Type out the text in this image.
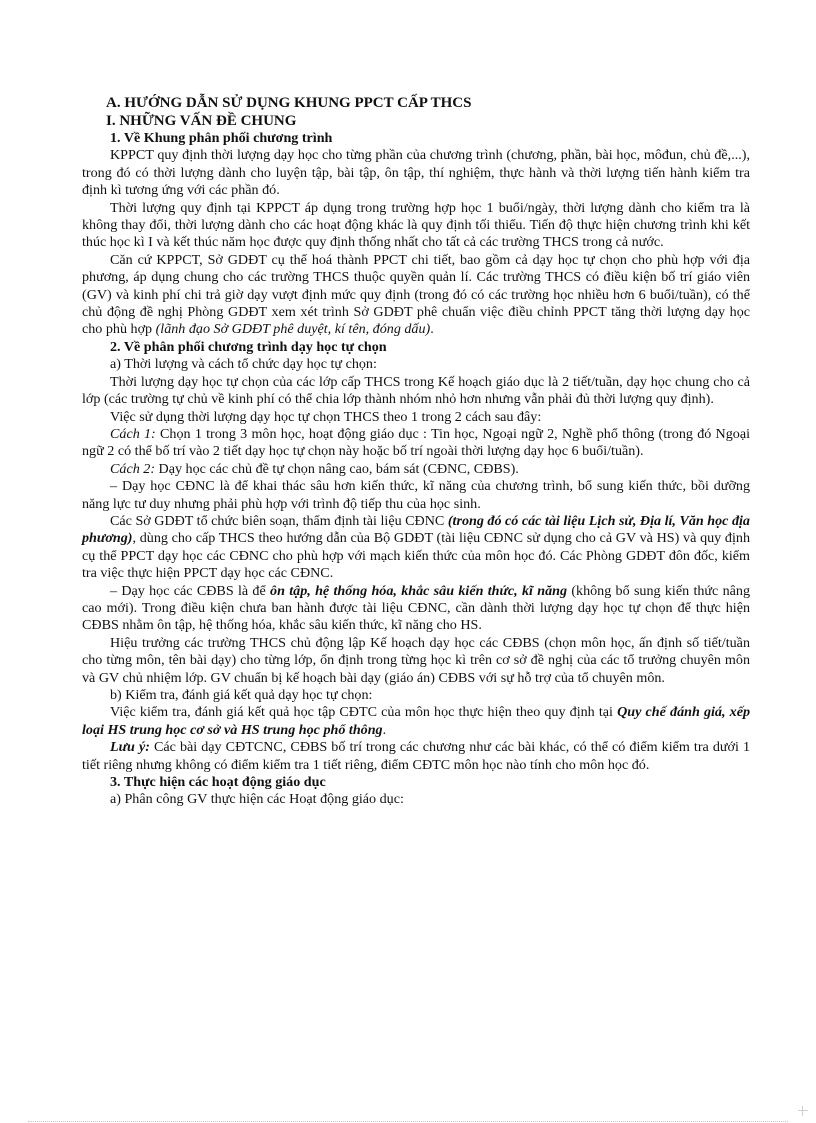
A. HƯỚNG DẪN SỬ DỤNG KHUNG PPCT CẤP THCS

I. NHỮNG VẤN ĐỀ CHUNG

1. Về Khung phân phối chương trình

KPPCT quy định thời lượng dạy học cho từng phần của chương trình (chương, phần, bài học, môđun, chủ đề,...), trong đó có thời lượng dành cho luyện tập, bài tập, ôn tập, thí nghiệm, thực hành và thời lượng tiến hành kiểm tra định kì tương ứng với các phần đó.

Thời lượng quy định tại KPPCT áp dụng trong trường hợp học 1 buổi/ngày, thời lượng dành cho kiểm tra là không thay đổi, thời lượng dành cho các hoạt động khác là quy định tối thiểu. Tiến độ thực hiện chương trình khi kết thúc học kì I và kết thúc năm học được quy định thống nhất cho tất cả các trường THCS trong cả nước.

Căn cứ KPPCT, Sở GDĐT cụ thể hoá thành PPCT chi tiết, bao gồm cả dạy học tự chọn cho phù hợp với địa phương, áp dụng chung cho các trường THCS thuộc quyền quản lí. Các trường THCS có điều kiện bố trí giáo viên (GV) và kinh phí chi trả giờ dạy vượt định mức quy định (trong đó có các trường học nhiều hơn 6 buổi/tuần), có thể chủ động đề nghị Phòng GDĐT xem xét trình Sở GDĐT phê chuẩn việc điều chỉnh PPCT tăng thời lượng dạy học cho phù hợp (lãnh đạo Sở GDĐT phê duyệt, kí tên, đóng dấu).

2. Về phân phối chương trình dạy học tự chọn

a) Thời lượng và cách tổ chức dạy học tự chọn:

Thời lượng dạy học tự chọn của các lớp cấp THCS trong Kế hoạch giáo dục là 2 tiết/tuần, dạy học chung cho cả lớp (các trường tự chủ về kinh phí có thể chia lớp thành nhóm nhỏ hơn nhưng vẫn phải đủ thời lượng quy định).

Việc sử dụng thời lượng dạy học tự chọn THCS theo 1 trong 2 cách sau đây:

Cách 1: Chọn 1 trong 3 môn học, hoạt động giáo dục : Tin học, Ngoại ngữ 2, Nghề phổ thông (trong đó Ngoại ngữ 2 có thể bố trí vào 2 tiết dạy học tự chọn này hoặc bố trí ngoài thời lượng dạy học 6 buổi/tuần).

Cách 2: Dạy học các chủ đề tự chọn nâng cao, bám sát (CĐNC, CĐBS).

– Dạy học CĐNC là để khai thác sâu hơn kiến thức, kĩ năng của chương trình, bổ sung kiến thức, bồi dưỡng năng lực tư duy nhưng phải phù hợp với trình độ tiếp thu của học sinh.

Các Sở GDĐT tổ chức biên soạn, thẩm định tài liệu CĐNC (trong đó có các tài liệu Lịch sử, Địa lí, Văn học địa phương), dùng cho cấp THCS theo hướng dẫn của Bộ GDĐT (tài liệu CĐNC sử dụng cho cả GV và HS) và quy định cụ thể PPCT dạy học các CĐNC cho phù hợp với mạch kiến thức của môn học đó. Các Phòng GDĐT đôn đốc, kiểm tra việc thực hiện PPCT dạy học các CĐNC.

– Dạy học các CĐBS là để ôn tập, hệ thống hóa, khắc sâu kiến thức, kĩ năng (không bổ sung kiến thức nâng cao mới). Trong điều kiện chưa ban hành được tài liệu CĐNC, cần dành thời lượng dạy học tự chọn để thực hiện CĐBS nhằm ôn tập, hệ thống hóa, khắc sâu kiến thức, kĩ năng cho HS.

Hiệu trưởng các trường THCS chủ động lập Kế hoạch dạy học các CĐBS (chọn môn học, ấn định số tiết/tuần cho từng môn, tên bài dạy) cho từng lớp, ổn định trong từng học kì trên cơ sở đề nghị của các tổ trưởng chuyên môn và GV chủ nhiệm lớp. GV chuẩn bị kế hoạch bài dạy (giáo án) CĐBS với sự hỗ trợ của tổ chuyên môn.

b) Kiểm tra, đánh giá kết quả dạy học tự chọn:

Việc kiểm tra, đánh giá kết quả học tập CĐTC của môn học thực hiện theo quy định tại Quy chế đánh giá, xếp loại HS trung học cơ sở và HS trung học phổ thông.

Lưu ý: Các bài dạy CĐTCNC, CĐBS bố trí trong các chương như các bài khác, có thể có điểm kiểm tra dưới 1 tiết riêng nhưng không có điểm kiểm tra 1 tiết riêng, điểm CĐTC môn học nào tính cho môn học đó.

3. Thực hiện các hoạt động giáo dục

a) Phân công GV thực hiện các Hoạt động giáo dục:
